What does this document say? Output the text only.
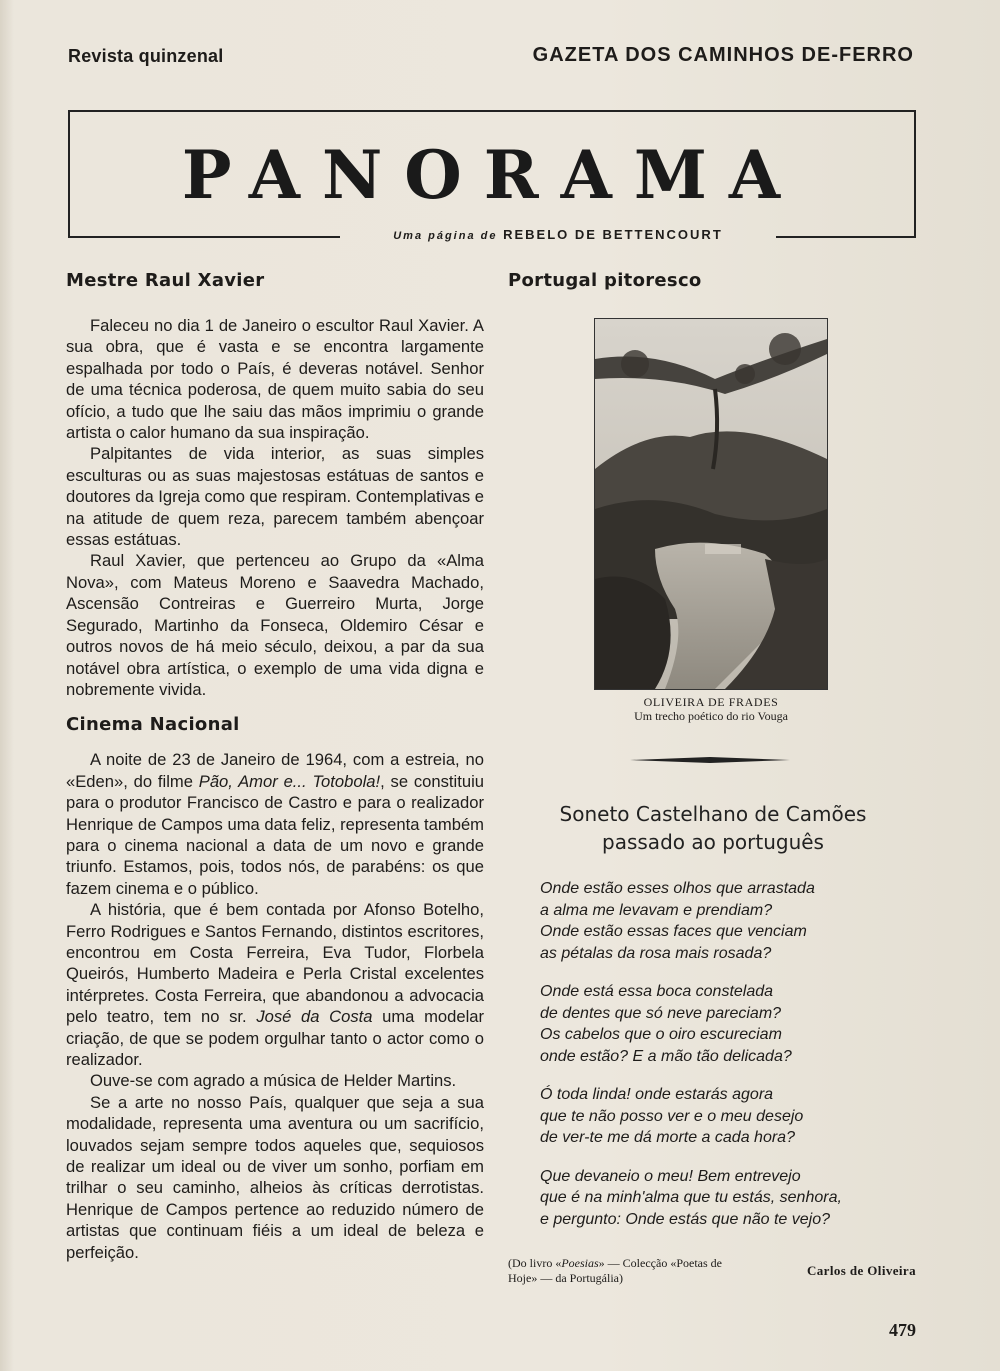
Revista quinzenal	GAZETA DOS CAMINHOS DE-FERRO
PANORAMA
Uma página de REBELO DE BETTENCOURT
Mestre Raul Xavier

Faleceu no dia 1 de Janeiro o escultor Raul Xavier. A sua obra, que é vasta e se encontra largamente espalhada por todo o País, é deveras notável. Senhor de uma técnica poderosa, de quem muito sabia do seu ofício, a tudo que lhe saiu das mãos imprimiu o grande artista o calor humano da sua inspiração.

Palpitantes de vida interior, as suas simples esculturas ou as suas majestosas estátuas de santos e doutores da Igreja como que respiram. Contemplativas e na atitude de quem reza, parecem também abençoar essas estátuas.

Raul Xavier, que pertenceu ao Grupo da «Alma Nova», com Mateus Moreno e Saavedra Machado, Ascensão Contreiras e Guerreiro Murta, Jorge Segurado, Martinho da Fonseca, Oldemiro César e outros novos de há meio século, deixou, a par da sua notável obra artística, o exemplo de uma vida digna e nobremente vivida.

Cinema Nacional

A noite de 23 de Janeiro de 1964, com a estreia, no «Eden», do filme Pão, Amor e... Totobola!, se constituiu para o produtor Francisco de Castro e para o realizador Henrique de Campos uma data feliz, representa também para o cinema nacional a data de um novo e grande triunfo. Estamos, pois, todos nós, de parabéns: os que fazem cinema e o público.

A história, que é bem contada por Afonso Botelho, Ferro Rodrigues e Santos Fernando, distintos escritores, encontrou em Costa Ferreira, Eva Tudor, Florbela Queirós, Humberto Madeira e Perla Cristal excelentes intérpretes. Costa Ferreira, que abandonou a advocacia pelo teatro, tem no sr. José da Costa uma modelar criação, de que se podem orgulhar tanto o actor como o realizador.

Ouve-se com agrado a música de Helder Martins.

Se a arte no nosso País, qualquer que seja a sua modalidade, representa uma aventura ou um sacrifício, louvados sejam sempre todos aqueles que, sequiosos de realizar um ideal ou de viver um sonho, porfiam em trilhar o seu caminho, alheios às críticas derrotistas. Henrique de Campos pertence ao reduzido número de artistas que continuam fiéis a um ideal de beleza e perfeição.

Portugal pitoresco
OLIVEIRA DE FRADES
Um trecho poético do rio Vouga
Soneto Castelhano de Camões
passado ao português
Onde estão esses olhos que arrastada
a alma me levavam e prendiam?
Onde estão essas faces que venciam
as pétalas da rosa mais rosada?
Onde está essa boca constelada
de dentes que só neve pareciam?
Os cabelos que o oiro escureciam
onde estão? E a mão tão delicada?
Ó toda linda! onde estarás agora
que te não posso ver e o meu desejo
de ver-te me dá morte a cada hora?
Que devaneio o meu! Bem entrevejo
que é na minh'alma que tu estás, senhora,
e pergunto: Onde estás que não te vejo?
(Do livro «Poesias» — Colecção «Poetas de Hoje» — da Portugália)	Carlos de Oliveira
479
